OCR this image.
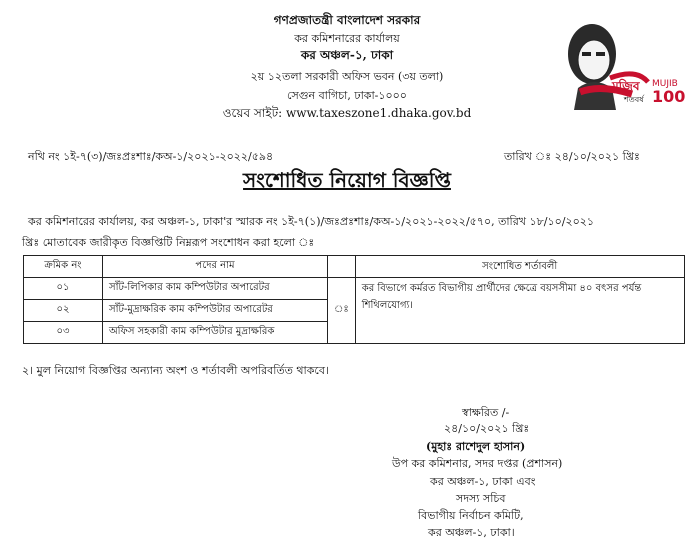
গণপ্রজাতন্ত্রী বাংলাদেশ সরকার
কর কমিশনারের কার্যালয়
কর অঞ্চল-১, ঢাকা
২য় ১২তলা সরকারী অফিস ভবন (৩য় তলা)
সেগুন বাগিচা, ঢাকা-১০০০
ওয়েব সাইট: www.taxeszone1.dhaka.gov.bd
মুজিব
শতবর্ষ
MUJIB
100
নথি নং ১ই-৭(৩)/জঃপ্রঃশাঃ/কঅ-১/২০২১-২০২২/৫৯৪	তারিখ ঃ ২৪/১০/২০২১ খ্রিঃ
সংশোধিত নিয়োগ বিজ্ঞপ্তি
কর কমিশনারের কার্যালয়, কর অঞ্চল-১, ঢাকা'র স্মারক নং ১ই-৭(১)/জঃপ্রঃশাঃ/কঅ-১/২০২১-২০২২/৫৭০, তারিখ ১৮/১০/২০২১
খ্রিঃ মোতাবেক জারীকৃত বিজ্ঞপ্তিটি নিম্নরূপ সংশোধন করা হলো ঃ
ক্রমিক নং	পদের নাম		সংশোধিত শর্তাবলী
০১	সাঁট-লিপিকার কাম কম্পিউটার অপারেটর	ঃ	কর বিভাগে কর্মরত বিভাগীয় প্রার্থীদের ক্ষেত্রে বয়সসীমা ৪০ বৎসর পর্যন্ত শিথিলযোগ্য।
০২	সাঁট-মুদ্রাক্ষরিক কাম কম্পিউটার অপারেটর		
০৩	অফিস সহকারী কাম কম্পিউটার মুদ্রাক্ষরিক		
২। মুল নিয়োগ বিজ্ঞপ্তির অন্যান্য অংশ ও শর্তাবলী অপরিবর্তিত থাকবে।
স্বাক্ষরিত /-
২৪/১০/২০২১ খ্রিঃ
(মুহাঃ রাশেদুল হাসান)
উপ কর কমিশনার, সদর দপ্তর (প্রশাসন)
কর অঞ্চল-১, ঢাকা এবং
সদস্য সচিব
বিভাগীয় নির্বাচন কমিটি,
কর অঞ্চল-১, ঢাকা।
